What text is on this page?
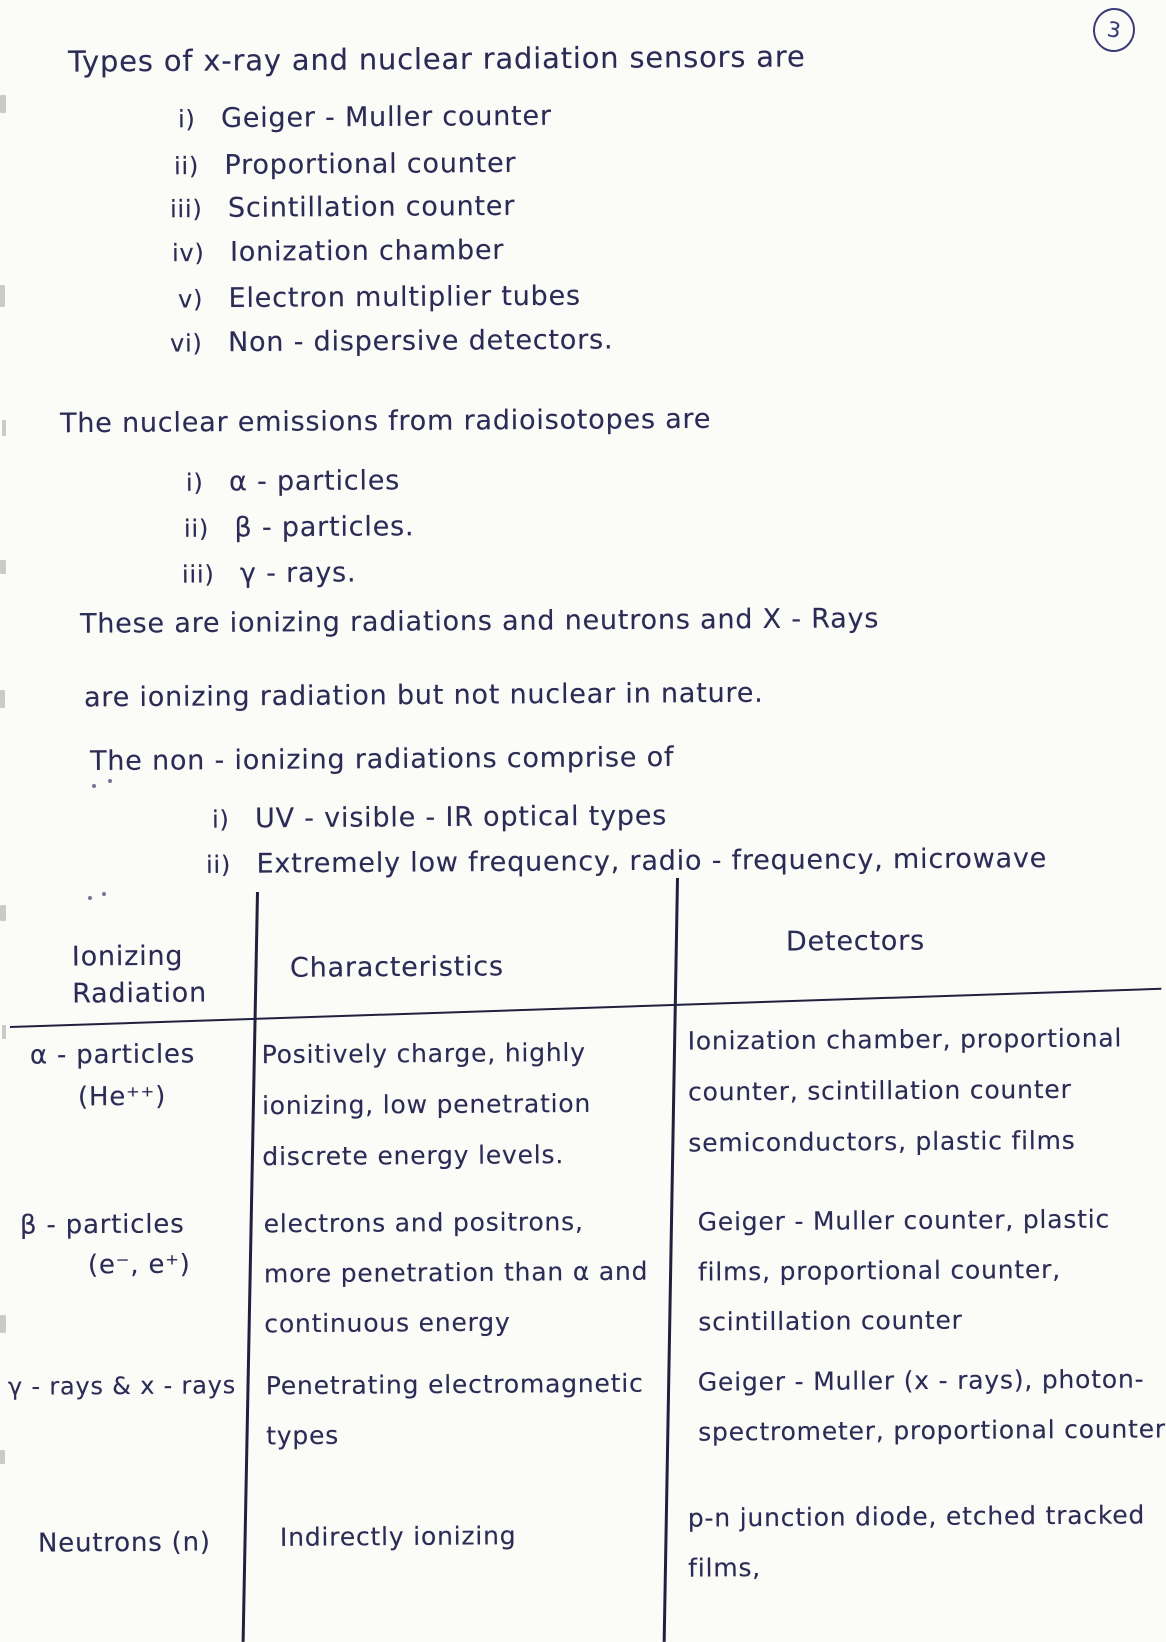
3
Types of x-ray and nuclear radiation sensors are
i) Geiger - Muller counter
ii) Proportional counter
iii) Scintillation counter
iv) Ionization chamber
v) Electron multiplier tubes
vi) Non - dispersive detectors.
The nuclear emissions from radioisotopes are
i) α - particles
ii) β - particles.
iii) γ - rays.
These are ionizing radiations and neutrons and X - Rays
are ionizing radiation but not nuclear in nature.
The non - ionizing radiations comprise of
i) UV - visible - IR optical types
ii) Extremely low frequency, radio - frequency, microwave
Ionizing
Radiation
Characteristics
Detectors
α - particles
(He⁺⁺)
Positively charge, highly
ionizing, low penetration
discrete energy levels.
Ionization chamber, proportional
counter, scintillation counter
semiconductors, plastic films
β - particles
(e⁻, e⁺)
electrons and positrons,
more penetration than α and
continuous energy
Geiger - Muller counter, plastic
films, proportional counter,
scintillation counter
γ - rays & x - rays Penetrating electromagnetic
types
Geiger - Muller (x - rays), photon-
spectrometer, proportional counter
Neutrons (n)	Indirectly ionizing
p-n junction diode, etched tracked
films,
